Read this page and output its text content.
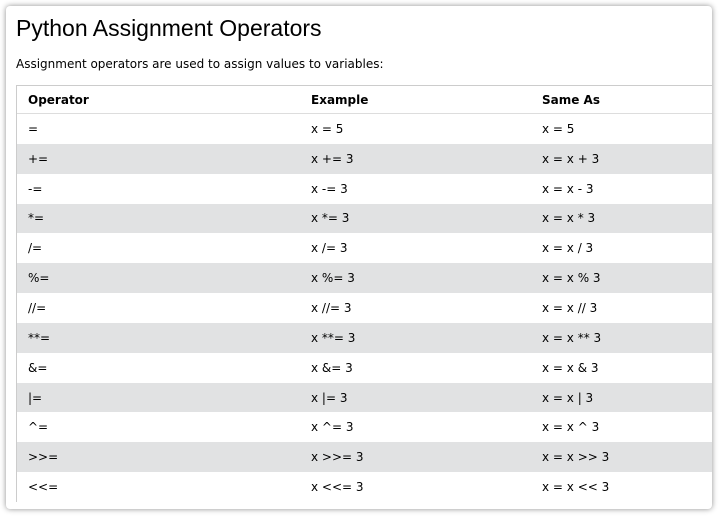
Python Assignment Operators

Assignment operators are used to assign values to variables:

Operator	Example	Same As
=	x = 5	x = 5
+=	x += 3	x = x + 3
-=	x -= 3	x = x - 3
*=	x *= 3	x = x * 3
/=	x /= 3	x = x / 3
%=	x %= 3	x = x % 3
//=	x //= 3	x = x // 3
**=	x **= 3	x = x ** 3
&=	x &= 3	x = x & 3
|=	x |= 3	x = x | 3
^=	x ^= 3	x = x ^ 3
>>=	x >>= 3	x = x >> 3
<<=	x <<= 3	x = x << 3
